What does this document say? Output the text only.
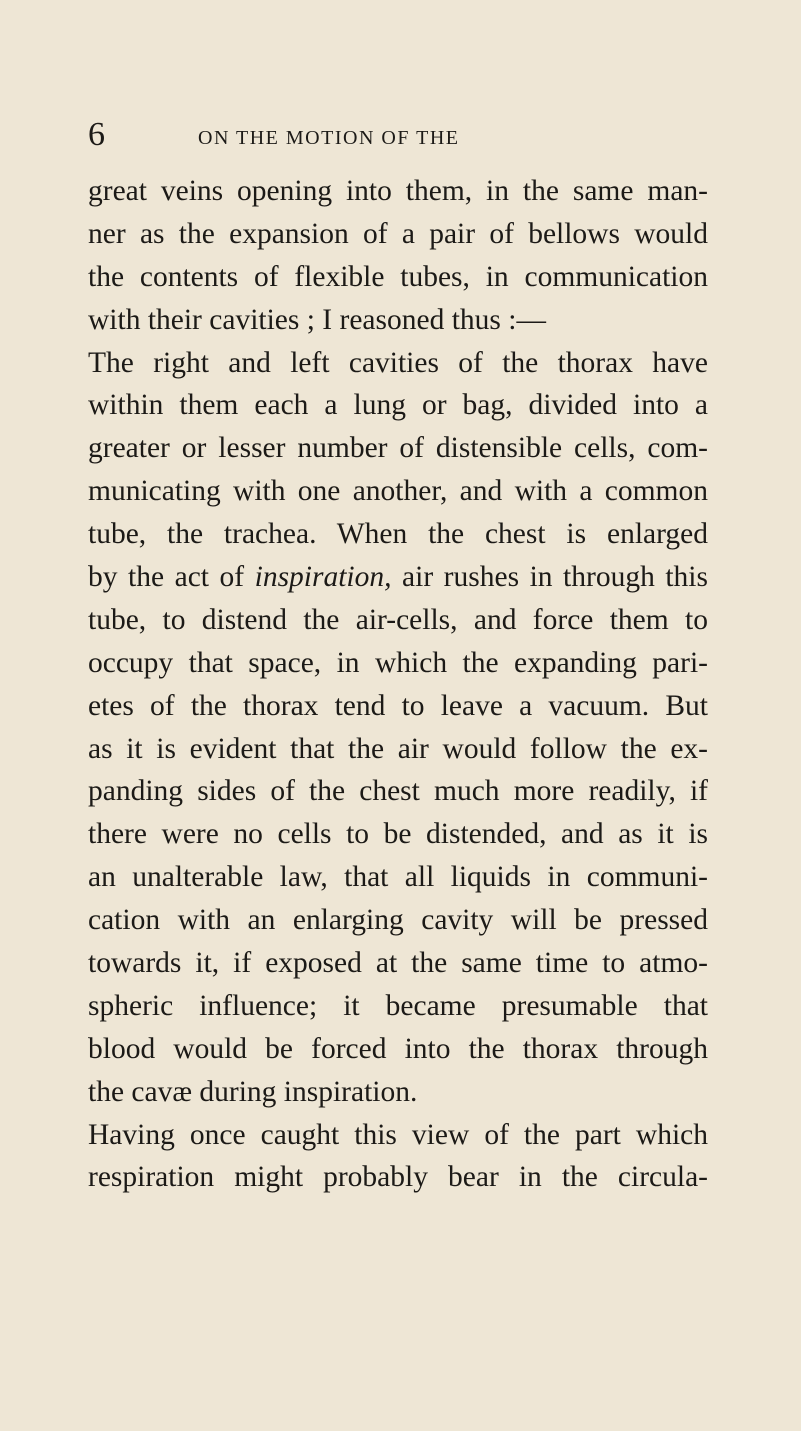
6	ON THE MOTION OF THE
great veins opening into them, in the same man-
ner as the expansion of a pair of bellows would
the contents of flexible tubes, in communication
with their cavities ; I reasoned thus :—
The right and left cavities of the thorax have
within them each a lung or bag, divided into a
greater or lesser number of distensible cells, com-
municating with one another, and with a common
tube, the trachea. When the chest is enlarged
by the act of inspiration, air rushes in through this
tube, to distend the air-cells, and force them to
occupy that space, in which the expanding pari-
etes of the thorax tend to leave a vacuum. But
as it is evident that the air would follow the ex-
panding sides of the chest much more readily, if
there were no cells to be distended, and as it is
an unalterable law, that all liquids in communi-
cation with an enlarging cavity will be pressed
towards it, if exposed at the same time to atmo-
spheric influence; it became presumable that
blood would be forced into the thorax through
the cavæ during inspiration.
Having once caught this view of the part which
respiration might probably bear in the circula-
